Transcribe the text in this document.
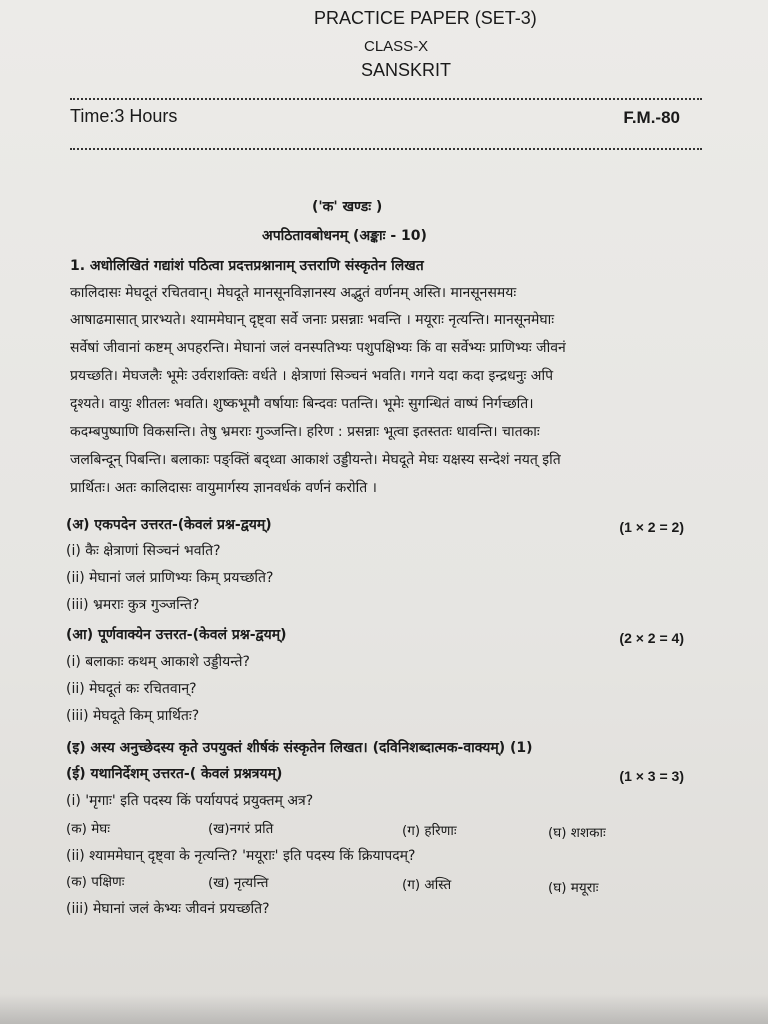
PRACTICE PAPER (SET-3)
CLASS-X
SANSKRIT
Time:3 Hours	F.M.-80
('क' खण्डः )
अपठितावबोधनम् (अङ्काः - 10)
1. अधोलिखितं गद्यांशं पठित्वा प्रदत्तप्रश्नानाम् उत्तराणि संस्कृतेन लिखत
कालिदासः मेघदूतं रचितवान्। मेघदूते मानसूनविज्ञानस्य अद्भुतं वर्णनम् अस्ति। मानसूनसमयः
आषाढमासात् प्रारभ्यते। श्याममेघान् दृष्ट्वा सर्वे जनाः प्रसन्नाः भवन्ति । मयूराः नृत्यन्ति। मानसूनमेघाः
सर्वेषां जीवानां कष्टम् अपहरन्ति। मेघानां जलं वनस्पतिभ्यः पशुपक्षिभ्यः किं वा सर्वेभ्यः प्राणिभ्यः जीवनं
प्रयच्छति। मेघजलैः भूमेः उर्वराशक्तिः वर्धते । क्षेत्राणां सिञ्चनं भवति। गगने यदा कदा इन्द्रधनुः अपि
दृश्यते। वायुः शीतलः भवति। शुष्कभूमौ वर्षायाः बिन्दवः पतन्ति। भूमेः सुगन्धितं वाष्पं निर्गच्छति।
कदम्बपुष्पाणि विकसन्ति। तेषु भ्रमराः गुञ्जन्ति। हरिण : प्रसन्नाः भूत्वा इतस्ततः धावन्ति। चातकाः
जलबिन्दून् पिबन्ति। बलाकाः पङ्क्तिं बद्ध्वा आकाशं उड्डीयन्ते। मेघदूते मेघः यक्षस्य सन्देशं नयत् इति
प्रार्थितः। अतः कालिदासः वायुमार्गस्य ज्ञानवर्धकं वर्णनं करोति ।
(अ) एकपदेन उत्तरत-(केवलं प्रश्न-द्वयम्)	(1 × 2 = 2)
(i) कैः क्षेत्राणां सिञ्चनं भवति?
(ii) मेघानां जलं प्राणिभ्यः किम् प्रयच्छति?
(iii) भ्रमराः कुत्र गुञ्जन्ति?
(आ) पूर्णवाक्येन उत्तरत-(केवलं प्रश्न-द्वयम्)	(2 × 2 = 4)
(i) बलाकाः कथम् आकाशे उड्डीयन्ते?
(ii) मेघदूतं कः रचितवान्?
(iii) मेघदूते किम् प्रार्थितः?
(इ) अस्य अनुच्छेदस्य कृते उपयुक्तं शीर्षकं संस्कृतेन लिखत। (दविनिशब्दात्मक-वाक्यम्) (1)
(ई) यथानिर्देशम् उत्तरत-( केवलं प्रश्नत्रयम्)	(1 × 3 = 3)
(i) 'मृगाः' इति पदस्य किं पर्यायपदं प्रयुक्तम् अत्र?
(क) मेघः	(ख)नगरं प्रति	(ग) हरिणाः	(घ) शशकाः
(ii) श्याममेघान् दृष्ट्वा के नृत्यन्ति? 'मयूराः' इति पदस्य किं क्रियापदम्?
(क) पक्षिणः	(ख) नृत्यन्ति	(ग) अस्ति	(घ) मयूराः
(iii) मेघानां जलं केभ्यः जीवनं प्रयच्छति?
